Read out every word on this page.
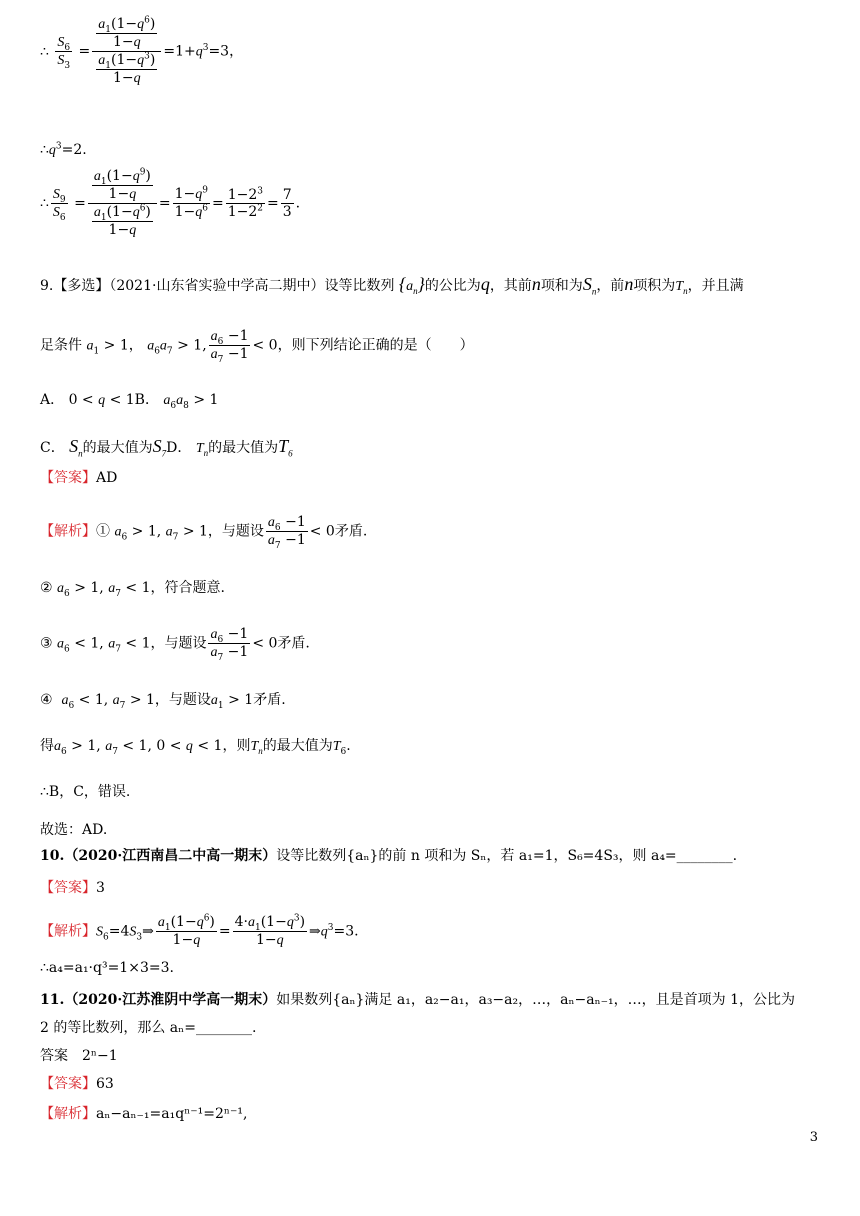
∴ $\frac{S_6}{S_3} = \frac{\frac{a_1(1-q^6)}{1-q}}{\frac{a_1(1-q^3)}{1-q}} =1+q^3=3$，
$\therefore q^3=2$.
∴ $\frac{S_9}{S_6} = \frac{\frac{a_1(1-q^9)}{1-q}}{\frac{a_1(1-q^6)}{1-q}} = \frac{1-q^9}{1-q^6} = \frac{1-2^3}{1-2^2} = \frac{7}{3}$ .
9.【多选】（2021·山东省实验中学高二期中）设等比数列 $\{a_n\}$的公比为q，其前n项和为$S_n$，前n项积为$T_n$，并且满
足条件 $a_1 > 1$， $a_6a_7 > 1$, $\frac{a_6 -1}{a_7 -1} < 0$，则下列结论正确的是（　　）
A． 0 < q < 1B． $a_6a_8 > 1$
C． $S_n$的最大值为$S_7D$． $T_n$的最大值为$T_6$
【答案】AD
【解析】① $a_6 > 1$, $a_7 > 1$，与题设 $\frac{a_6 -1}{a_7 -1} < 0$矛盾.
② $a_6 > 1$, $a_7 < 1$，符合题意.
③ $a_6 < 1$, $a_7 < 1$，与题设 $\frac{a_6 -1}{a_7 -1} < 0$矛盾.
④  $a_6 < 1$, $a_7 > 1$，与题设$a_1 > 1$矛盾.
得$a_6 > 1$, $a_7 < 1$, 0 < q < 1，则$T_n$的最大值为$T_6$.
∴B，C，错误.
故选：AD.
10.（2020·江西南昌二中高一期末）设等比数列{aₙ}的前 n 项和为 Sₙ，若 a₁=1，S₆=4S₃，则 a₄=________.
【答案】3
【解析】$S_6=4S_3\Rightarrow \frac{a_1(1-q^6)}{1-q} = \frac{4\cdot a_1(1-q^3)}{1-q}$ $\Rightarrow q^3=3$.
∴a₄=a₁·q³=1×3=3.
11.（2020·江苏淮阴中学高一期末）如果数列{aₙ}满足 a₁，a₂−a₁，a₃−a₂，…，aₙ−aₙ₋₁，…，且是首项为 1，公比为
2 的等比数列，那么 aₙ=________.
答案　 2ⁿ−1
【答案】63
【解析】aₙ−aₙ₋₁=a₁qⁿ⁻¹=2ⁿ⁻¹,
3
